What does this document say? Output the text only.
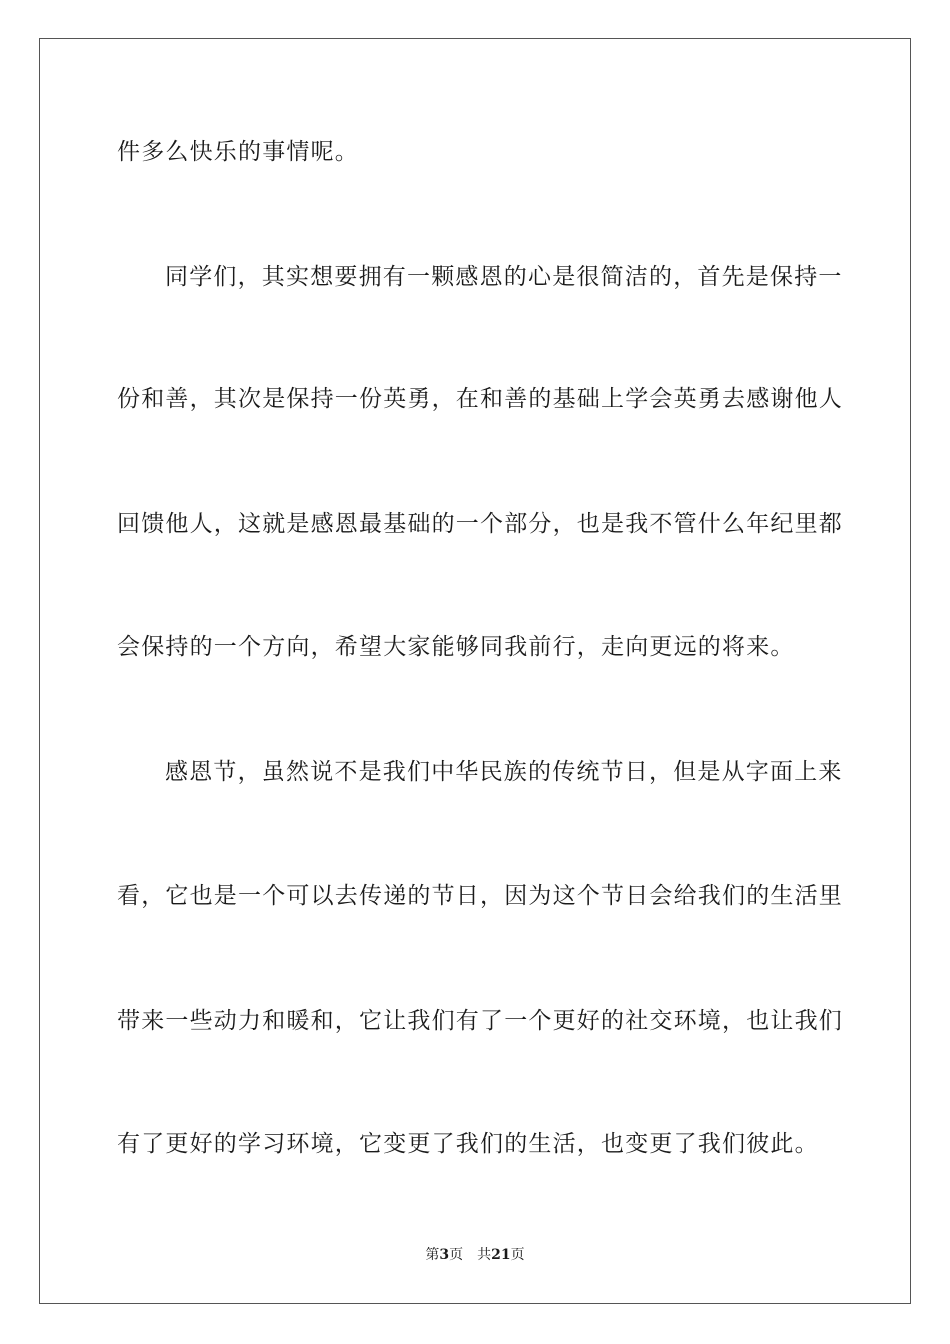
件多么快乐的事情呢。
同学们，其实想要拥有一颗感恩的心是很简洁的，首先是保持一
份和善，其次是保持一份英勇，在和善的基础上学会英勇去感谢他人
回馈他人，这就是感恩最基础的一个部分，也是我不管什么年纪里都
会保持的一个方向，希望大家能够同我前行，走向更远的将来。
感恩节，虽然说不是我们中华民族的传统节日，但是从字面上来
看，它也是一个可以去传递的节日，因为这个节日会给我们的生活里
带来一些动力和暖和，它让我们有了一个更好的社交环境，也让我们
有了更好的学习环境，它变更了我们的生活，也变更了我们彼此。
第3页 共21页
